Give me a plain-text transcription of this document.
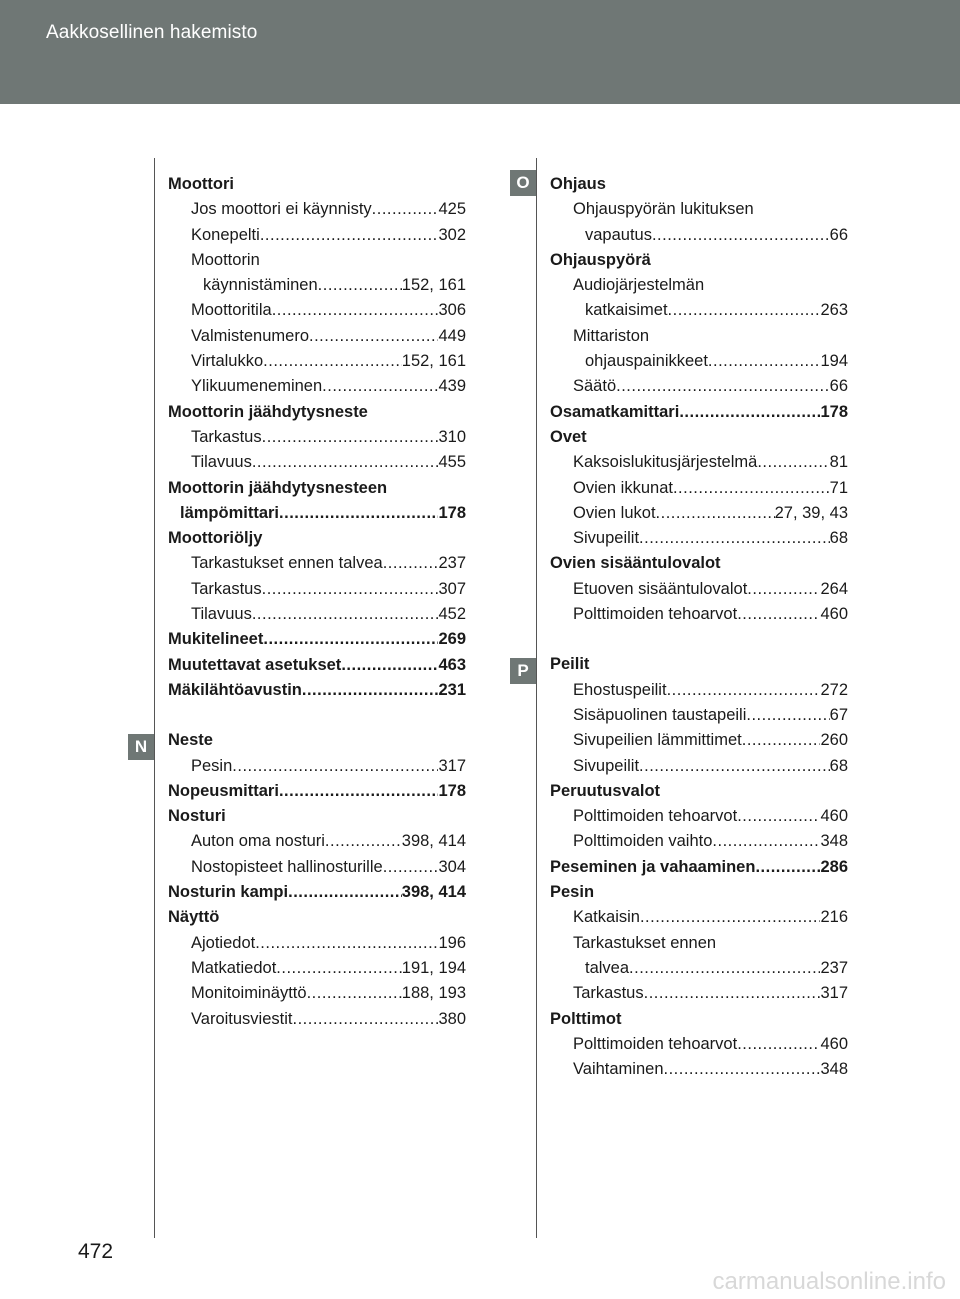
Aakkosellinen hakemisto
N
O
P
Moottori
Jos moottori ei käynnisty .....	425
Konepelti .....	302
Moottorin
käynnistäminen .....	152, 161
Moottoritila .....	306
Valmistenumero .....	449
Virtalukko .....	152, 161
Ylikuumeneminen .....	439
Moottorin jäähdytysneste
Tarkastus .....	310
Tilavuus .....	455
Moottorin jäähdytysnesteen
lämpömittari .....	178
Moottoriöljy
Tarkastukset ennen talvea .....	237
Tarkastus .....	307
Tilavuus .....	452
Mukitelineet .....	269
Muutettavat asetukset .....	463
Mäkilähtöavustin .....	231
Neste
Pesin .....	317
Nopeusmittari .....	178
Nosturi
Auton oma nosturi .....	398, 414
Nostopisteet hallinosturille .....	304
Nosturin kampi .....	398, 414
Näyttö
Ajotiedot .....	196
Matkatiedot .....	191, 194
Monitoiminäyttö .....	188, 193
Varoitusviestit .....	380
Ohjaus
Ohjauspyörän lukituksen
vapautus .....	66
Ohjauspyörä
Audiojärjestelmän
katkaisimet .....	263
Mittariston
ohjauspainikkeet .....	194
Säätö .....	66
Osamatkamittari .....	178
Ovet
Kaksoislukitusjärjestelmä .....	81
Ovien ikkunat .....	71
Ovien lukot .....	27, 39, 43
Sivupeilit .....	68
Ovien sisääntulovalot
Etuoven sisääntulovalot .....	264
Polttimoiden tehoarvot .....	460
Peilit
Ehostuspeilit .....	272
Sisäpuolinen taustapeili .....	67
Sivupeilien lämmittimet .....	260
Sivupeilit .....	68
Peruutusvalot
Polttimoiden tehoarvot .....	460
Polttimoiden vaihto .....	348
Peseminen ja vahaaminen .....	286
Pesin
Katkaisin .....	216
Tarkastukset ennen
talvea .....	237
Tarkastus .....	317
Polttimot
Polttimoiden tehoarvot .....	460
Vaihtaminen .....	348
472
carmanualsonline.info
